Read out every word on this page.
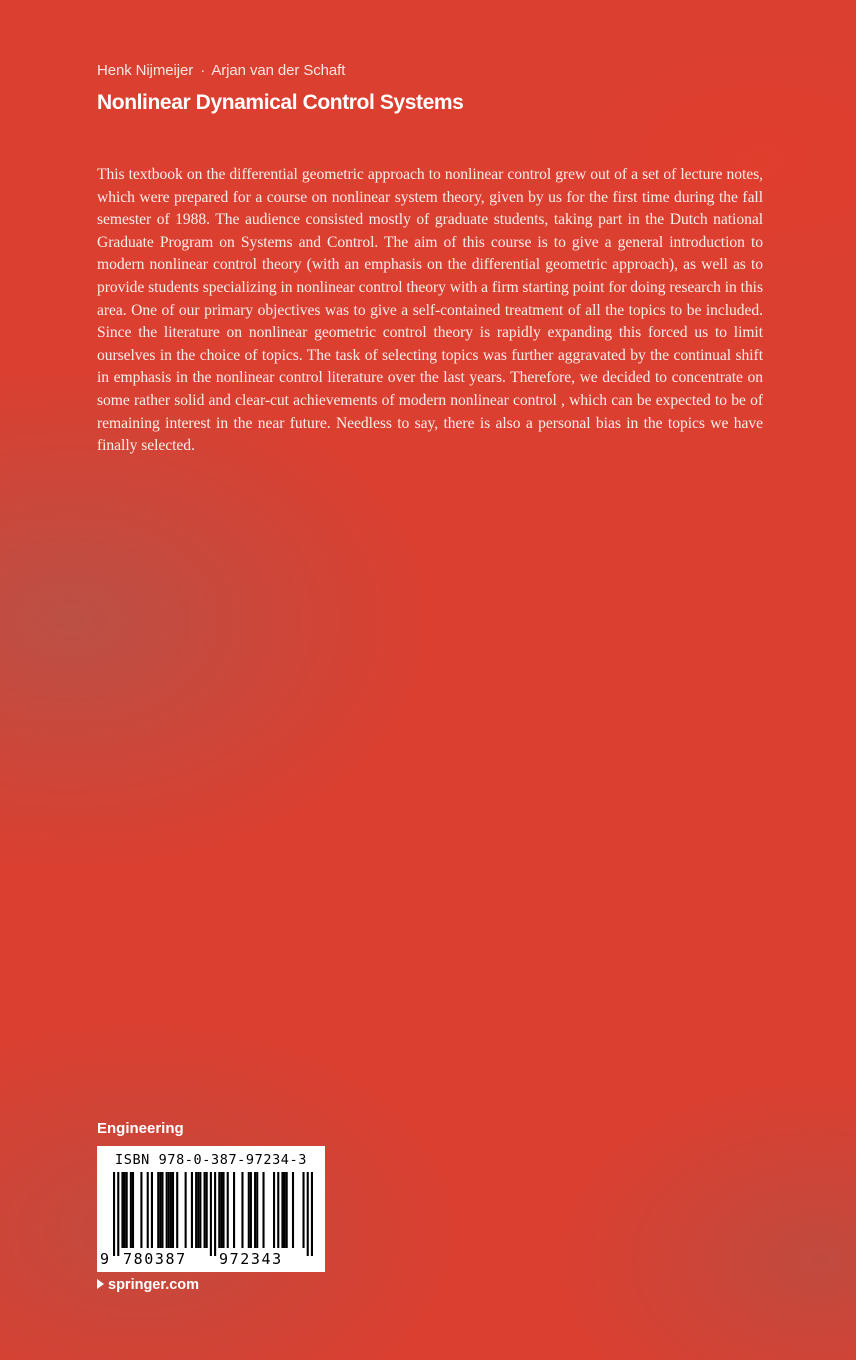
Henk Nijmeijer · Arjan van der Schaft
Nonlinear Dynamical Control Systems

This textbook on the differential geometric approach to nonlinear control grew out of a set of lecture notes, which were prepared for a course on nonlinear system theory, given by us for the first time during the fall semester of 1988. The audience consisted mostly of graduate students, taking part in the Dutch national Graduate Program on Systems and Control. The aim of this course is to give a general introduction to modern nonlinear control theory (with an emphasis on the differential geometric approach), as well as to provide students specializing in nonlinear control theory with a firm starting point for doing research in this area. One of our primary objectives was to give a self-contained treatment of all the topics to be included. Since the literature on nonlinear geometric control theory is rapidly expanding this forced us to limit ourselves in the choice of topics. The task of selecting topics was further aggravated by the continual shift in emphasis in the nonlinear control literature over the last years. Therefore, we decided to concentrate on some rather solid and clear-cut achievements of modern nonlinear control , which can be expected to be of remaining interest in the near future. Needless to say, there is also a personal bias in the topics we have finally selected.

Engineering

ISBN 978-0-387-97234-3
9 780387 972343
springer.com
